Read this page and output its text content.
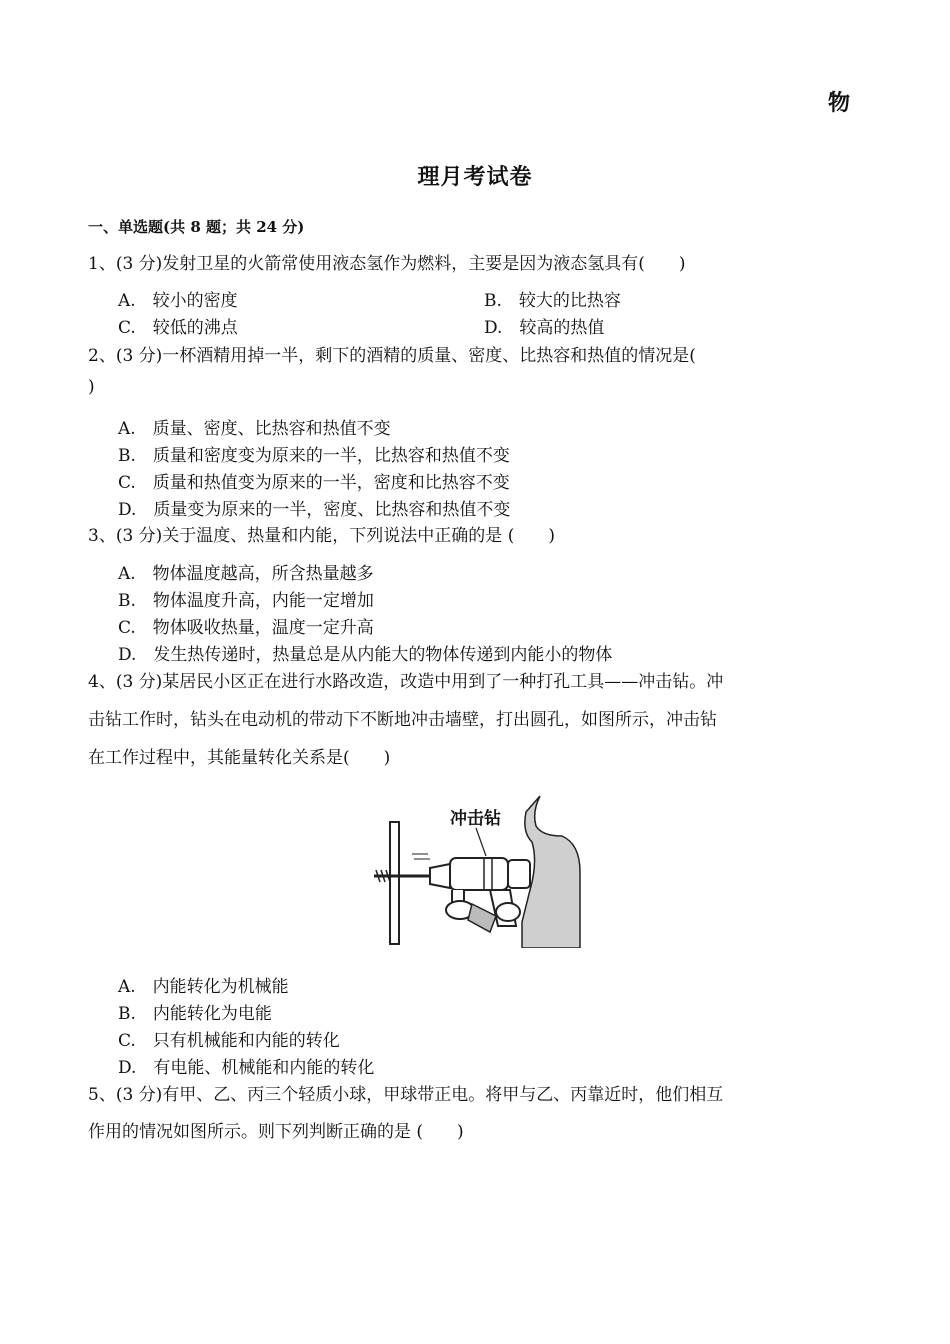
物
理月考试卷
一、单选题(共 8 题；共 24 分)
1、(3 分)发射卫星的火箭常使用液态氢作为燃料，主要是因为液态氢具有(　　)
A.　较小的密度	B.　较大的比热容
C.　较低的沸点	D.　较高的热值
2、(3 分)一杯酒精用掉一半，剩下的酒精的质量、密度、比热容和热值的情况是(
)
A.　质量、密度、比热容和热值不变
B.　质量和密度变为原来的一半，比热容和热值不变
C.　质量和热值变为原来的一半，密度和比热容不变
D.　质量变为原来的一半，密度、比热容和热值不变
3、(3 分)关于温度、热量和内能，下列说法中正确的是 (　　)
A.　物体温度越高，所含热量越多
B.　物体温度升高，内能一定增加
C.　物体吸收热量，温度一定升高
D.　发生热传递时，热量总是从内能大的物体传递到内能小的物体
4、(3 分)某居民小区正在进行水路改造，改造中用到了一种打孔工具——冲击钻。冲
击钻工作时，钻头在电动机的带动下不断地冲击墙壁，打出圆孔，如图所示，冲击钻
在工作过程中，其能量转化关系是(　　)
冲击钻
A.　内能转化为机械能
B.　内能转化为电能
C.　只有机械能和内能的转化
D.　有电能、机械能和内能的转化
5、(3 分)有甲、乙、丙三个轻质小球，甲球带正电。将甲与乙、丙靠近时，他们相互
作用的情况如图所示。则下列判断正确的是 (　　)
